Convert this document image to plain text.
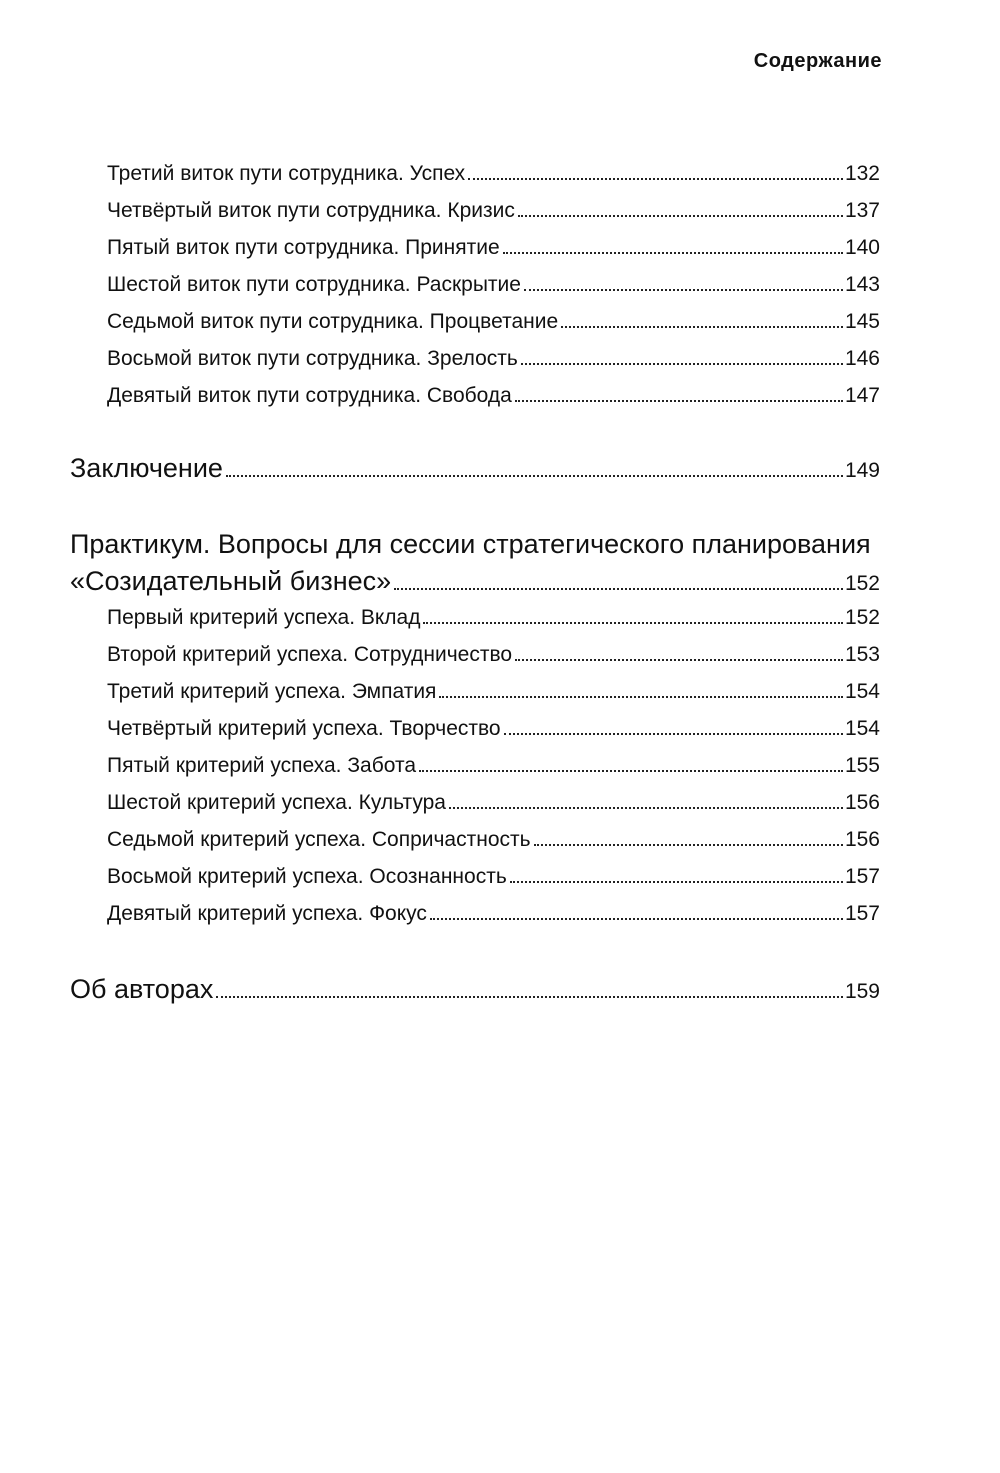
Содержание
Третий виток пути сотрудника. Успех	132
Четвёртый виток пути сотрудника. Кризис	137
Пятый виток пути сотрудника. Принятие	140
Шестой виток пути сотрудника. Раскрытие	143
Седьмой виток пути сотрудника. Процветание	145
Восьмой виток пути сотрудника. Зрелость	146
Девятый виток пути сотрудника. Свобода	147
Заключение	149
Практикум. Вопросы для сессии стратегического планирования
«Созидательный бизнес»	152
Первый критерий успеха. Вклад	152
Второй критерий успеха. Сотрудничество	153
Третий критерий успеха. Эмпатия	154
Четвёртый критерий успеха. Творчество	154
Пятый критерий успеха. Забота	155
Шестой критерий успеха. Культура	156
Седьмой критерий успеха. Сопричастность	156
Восьмой критерий успеха. Осознанность	157
Девятый критерий успеха. Фокус	157
Об авторах	159
